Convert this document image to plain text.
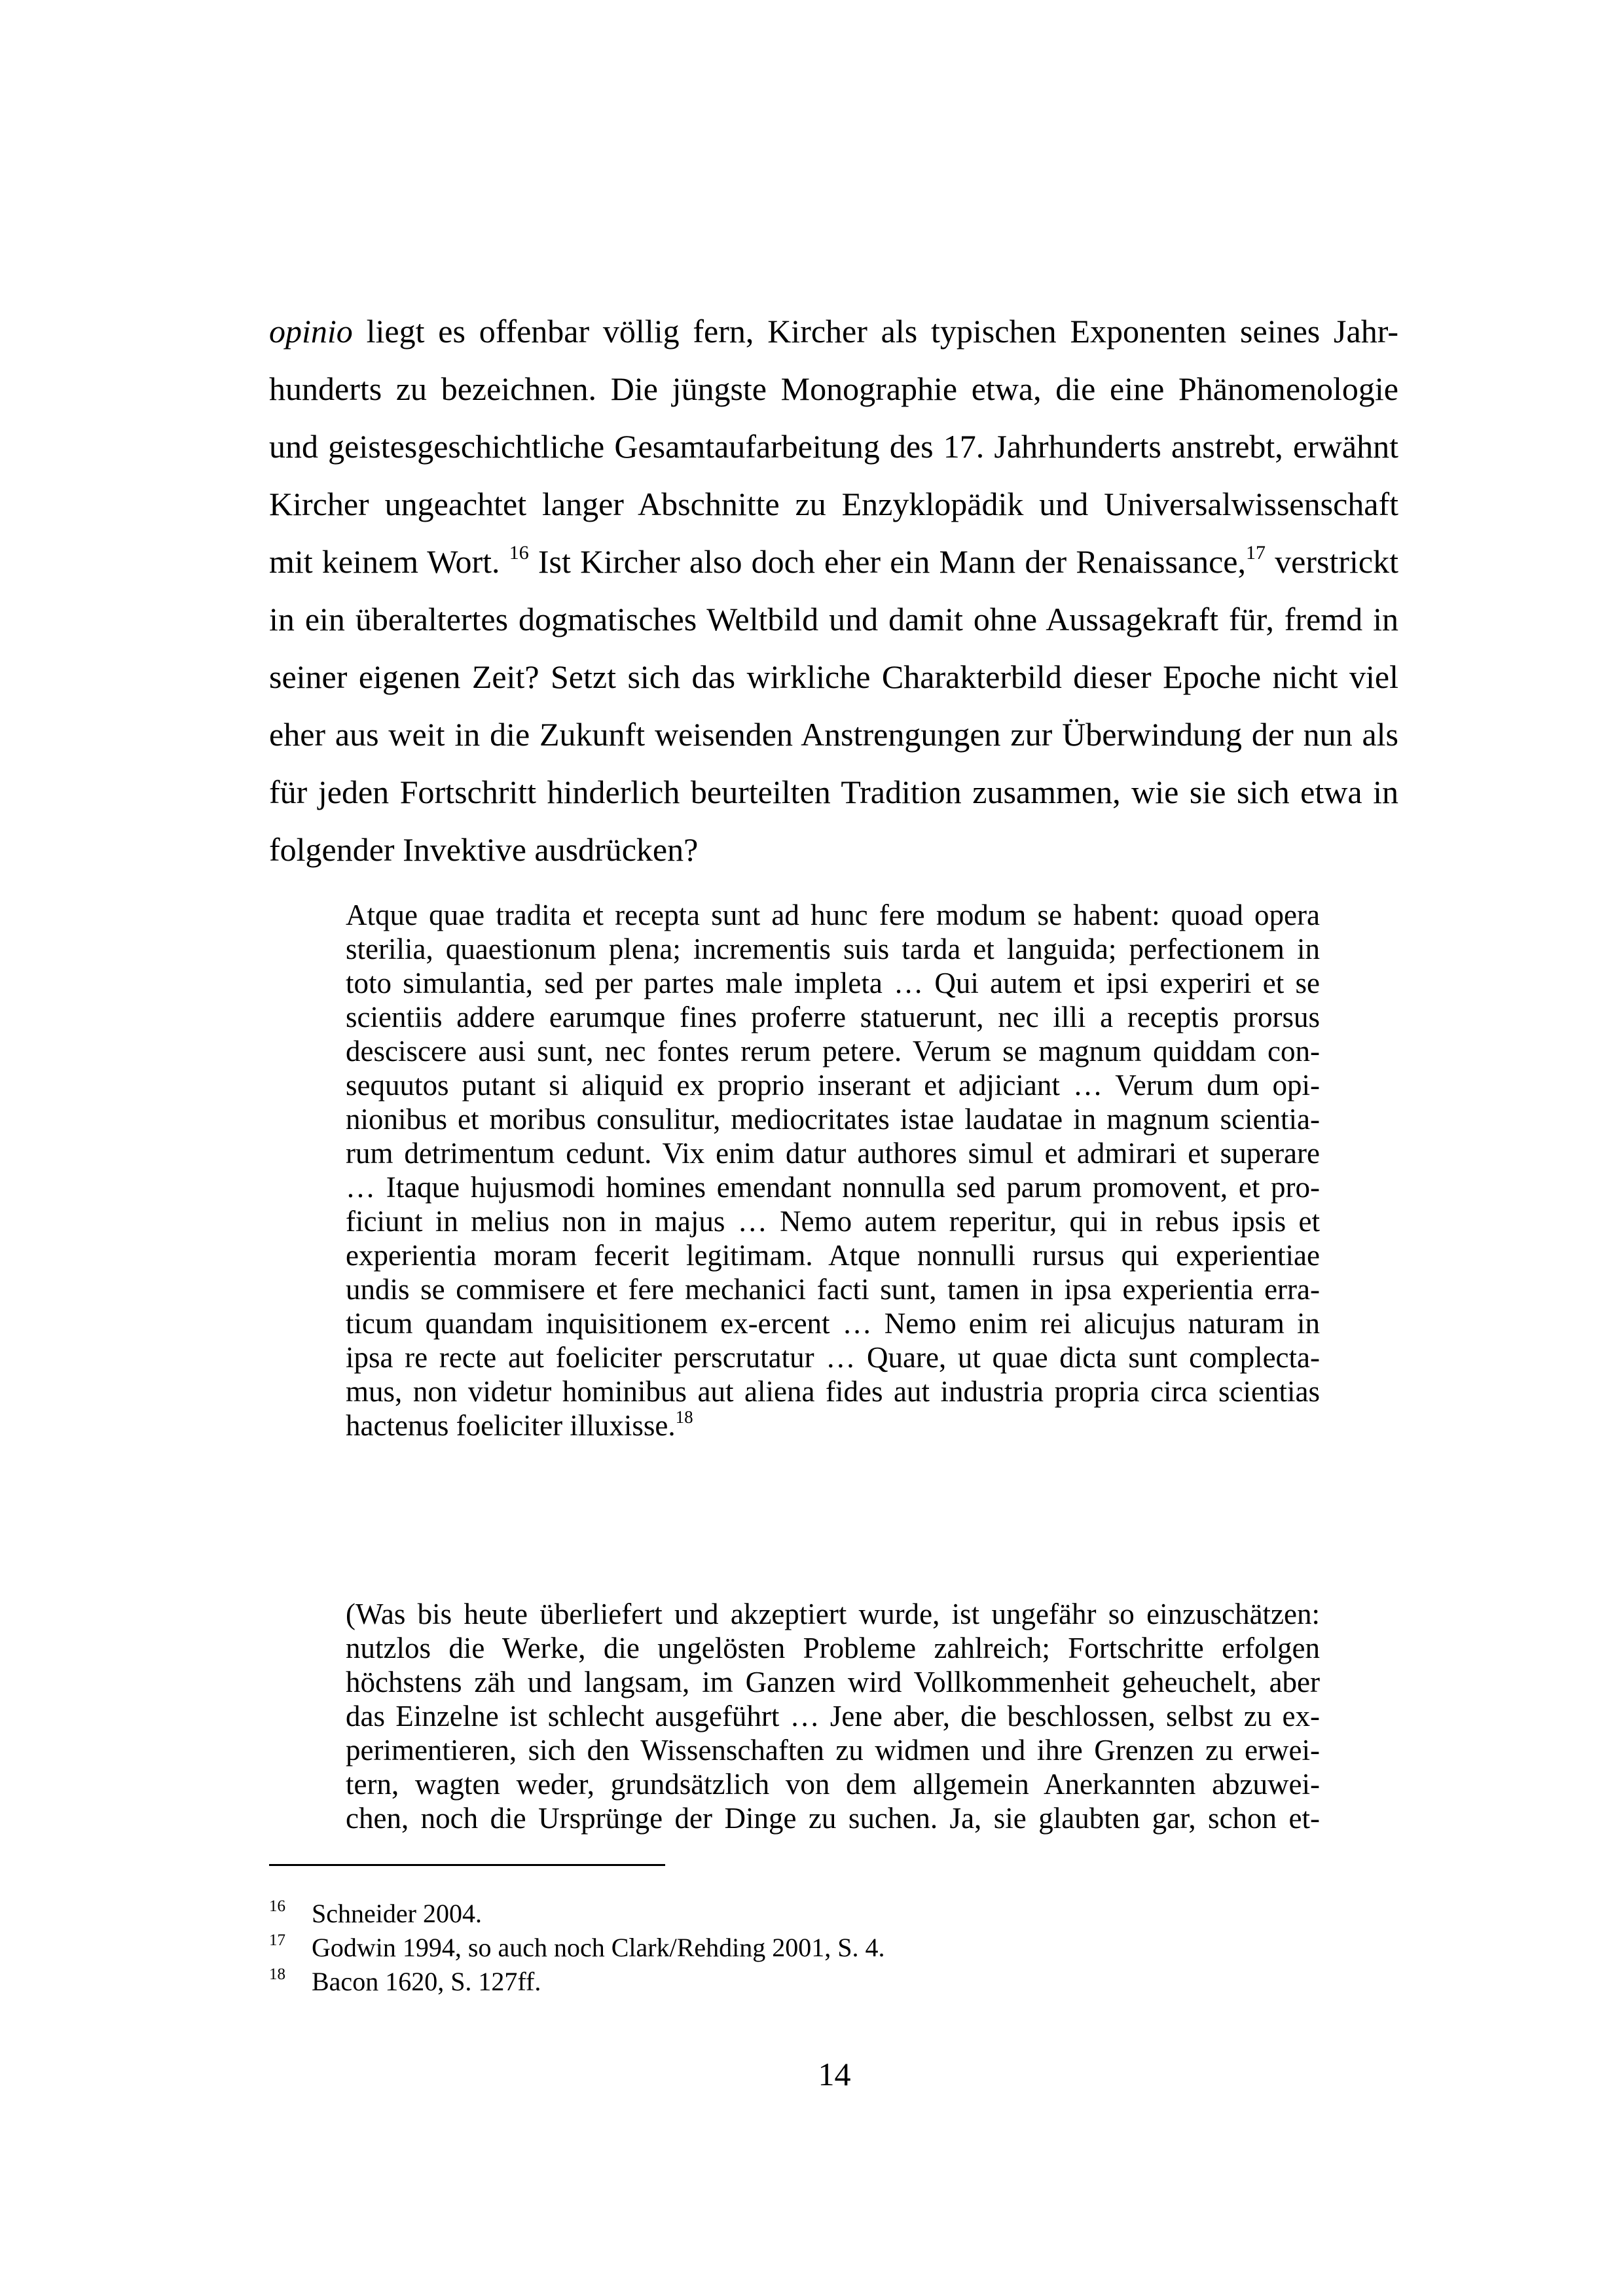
opinio liegt es offenbar völlig fern, Kircher als typischen Exponenten seines Jahr-
hunderts zu bezeichnen. Die jüngste Monographie etwa, die eine Phänomenologie
und geistesgeschichtliche Gesamtaufarbeitung des 17. Jahrhunderts anstrebt, erwähnt
Kircher ungeachtet langer Abschnitte zu Enzyklopädik und Universalwissenschaft
mit keinem Wort. $^{16}$ Ist Kircher also doch eher ein Mann der Renaissance,$^{17}$ verstrickt
in ein überaltertes dogmatisches Weltbild und damit ohne Aussagekraft für, fremd in
seiner eigenen Zeit? Setzt sich das wirkliche Charakterbild dieser Epoche nicht viel
eher aus weit in die Zukunft weisenden Anstrengungen zur Überwindung der nun als
für jeden Fortschritt hinderlich beurteilten Tradition zusammen, wie sie sich etwa in
folgender Invektive ausdrücken?
Atque quae tradita et recepta sunt ad hunc fere modum se habent: quoad opera
sterilia, quaestionum plena; incrementis suis tarda et languida; perfectionem in
toto simulantia, sed per partes male impleta … Qui autem et ipsi experiri et se
scientiis addere earumque fines proferre statuerunt, nec illi a receptis prorsus
desciscere ausi sunt, nec fontes rerum petere. Verum se magnum quiddam con-
sequutos putant si aliquid ex proprio inserant et adjiciant … Verum dum opi-
nionibus et moribus consulitur, mediocritates istae laudatae in magnum scientia-
rum detrimentum cedunt. Vix enim datur authores simul et admirari et superare
… Itaque hujusmodi homines emendant nonnulla sed parum promovent, et pro-
ficiunt in melius non in majus … Nemo autem reperitur, qui in rebus ipsis et
experientia moram fecerit legitimam. Atque nonnulli rursus qui experientiae
undis se commisere et fere mechanici facti sunt, tamen in ipsa experientia erra-
ticum quandam inquisitionem ex-ercent … Nemo enim rei alicujus naturam in
ipsa re recte aut foeliciter perscrutatur … Quare, ut quae dicta sunt complecta-
mus, non videtur hominibus aut aliena fides aut industria propria circa scientias
hactenus foeliciter illuxisse.$^{18}$
(Was bis heute überliefert und akzeptiert wurde, ist ungefähr so einzuschätzen:
nutzlos die Werke, die ungelösten Probleme zahlreich; Fortschritte erfolgen
höchstens zäh und langsam, im Ganzen wird Vollkommenheit geheuchelt, aber
das Einzelne ist schlecht ausgeführt … Jene aber, die beschlossen, selbst zu ex-
perimentieren, sich den Wissenschaften zu widmen und ihre Grenzen zu erwei-
tern, wagten weder, grundsätzlich von dem allgemein Anerkannten abzuwei-
chen, noch die Ursprünge der Dinge zu suchen. Ja, sie glaubten gar, schon et-
16	Schneider 2004.
17	Godwin 1994, so auch noch Clark/Rehding 2001, S. 4.
18	Bacon 1620, S. 127ff.
14
